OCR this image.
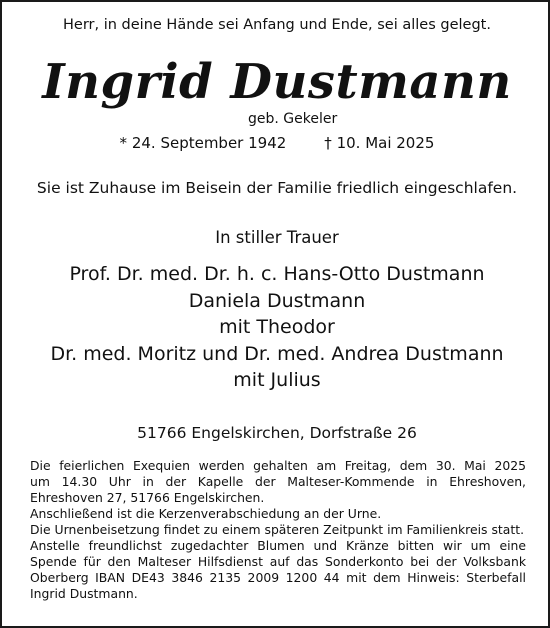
Herr, in deine Hände sei Anfang und Ende, sei alles gelegt.
Ingrid Dustmann
geb. Gekeler
* 24. September 1942	† 10. Mai 2025
Sie ist Zuhause im Beisein der Familie friedlich eingeschlafen.
In stiller Trauer
Prof. Dr. med. Dr. h. c. Hans-Otto Dustmann
Daniela Dustmann
mit Theodor
Dr. med. Moritz und Dr. med. Andrea Dustmann
mit Julius
51766 Engelskirchen, Dorfstraße 26

Die feierlichen Exequien werden gehalten am Freitag, dem 30. Mai 2025
um 14.30 Uhr in der Kapelle der Malteser-Kommende in Ehreshoven,
Ehreshoven 27, 51766 Engelskirchen.

Anschließend ist die Kerzenverabschiedung an der Urne.

Die Urnenbeisetzung findet zu einem späteren Zeitpunkt im Familienkreis statt.

Anstelle freundlichst zugedachter Blumen und Kränze bitten wir um eine
Spende für den Malteser Hilfsdienst auf das Sonderkonto bei der Volksbank
Oberberg IBAN DE43 3846 2135 2009 1200 44 mit dem Hinweis: Sterbefall
Ingrid Dustmann.
